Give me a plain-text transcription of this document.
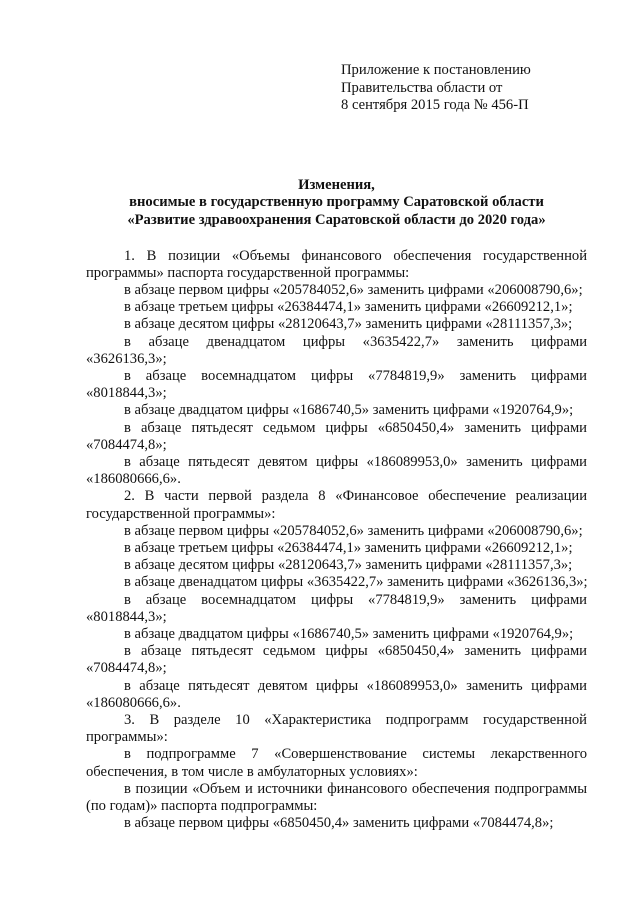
Приложение к постановлению
Правительства области от
8 сентября 2015 года № 456-П
Изменения,
вносимые в государственную программу Саратовской области
«Развитие здравоохранения Саратовской области до 2020 года»

1. В позиции «Объемы финансового обеспечения государственной программы» паспорта государственной программы:

в абзаце первом цифры «205784052,6» заменить цифрами «206008790,6»;

в абзаце третьем цифры «26384474,1» заменить цифрами «26609212,1»;

в абзаце десятом цифры «28120643,7» заменить цифрами «28111357,3»;

в абзаце двенадцатом цифры «3635422,7» заменить цифрами «3626136,3»;

в абзаце восемнадцатом цифры «7784819,9» заменить цифрами «8018844,3»;

в абзаце двадцатом цифры «1686740,5» заменить цифрами «1920764,9»;

в абзаце пятьдесят седьмом цифры «6850450,4» заменить цифрами «7084474,8»;

в абзаце пятьдесят девятом цифры «186089953,0» заменить цифрами «186080666,6».

2. В части первой раздела 8 «Финансовое обеспечение реализации государственной программы»:

в абзаце первом цифры «205784052,6» заменить цифрами «206008790,6»;

в абзаце третьем цифры «26384474,1» заменить цифрами «26609212,1»;

в абзаце десятом цифры «28120643,7» заменить цифрами «28111357,3»;

в абзаце двенадцатом цифры «3635422,7» заменить цифрами «3626136,3»;

в абзаце восемнадцатом цифры «7784819,9» заменить цифрами «8018844,3»;

в абзаце двадцатом цифры «1686740,5» заменить цифрами «1920764,9»;

в абзаце пятьдесят седьмом цифры «6850450,4» заменить цифрами «7084474,8»;

в абзаце пятьдесят девятом цифры «186089953,0» заменить цифрами «186080666,6».

3. В разделе 10 «Характеристика подпрограмм государственной программы»:

в подпрограмме 7 «Совершенствование системы лекарственного обеспечения, в том числе в амбулаторных условиях»:

в позиции «Объем и источники финансового обеспечения подпрограммы (по годам)» паспорта подпрограммы:

в абзаце первом цифры «6850450,4» заменить цифрами «7084474,8»;
